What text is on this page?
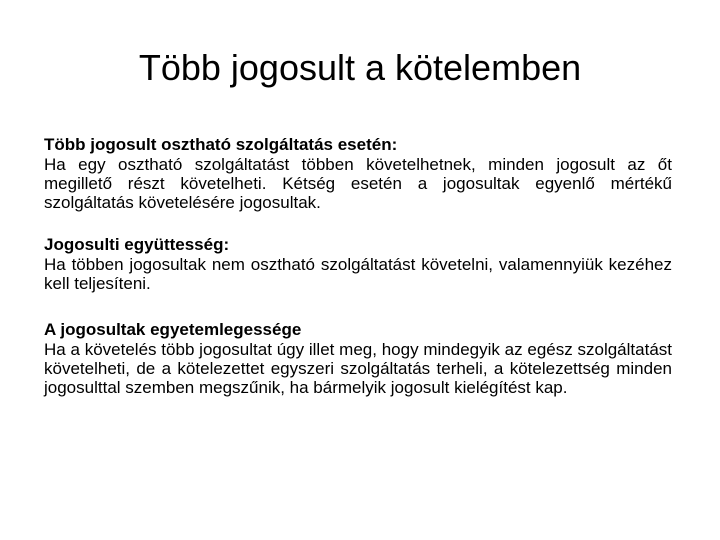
Több jogosult a kötelemben

Több jogosult osztható szolgáltatás esetén:

Ha egy osztható szolgáltatást többen követelhetnek, minden jogosult az őt megillető részt követelheti. Kétség esetén a jogosultak egyenlő mértékű szolgáltatás követelésére jogosultak.

Jogosulti együttesség:

Ha többen jogosultak nem osztható szolgáltatást követelni, valamennyiük kezéhez kell teljesíteni.

A jogosultak egyetemlegessége

Ha a követelés több jogosultat úgy illet meg, hogy mindegyik az egész szolgáltatást követelheti, de a kötelezettet egyszeri szolgáltatás terheli, a kötelezettség minden jogosulttal szemben megszűnik, ha bármelyik jogosult kielégítést kap.
